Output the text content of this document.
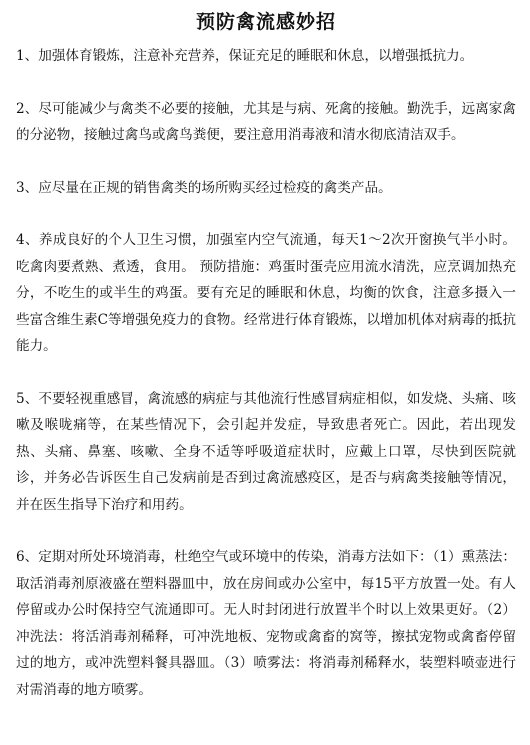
预防禽流感妙招

1、加强体育锻炼，注意补充营养，保证充足的睡眠和休息，以增强抵抗力。

2、尽可能减少与禽类不必要的接触，尤其是与病、死禽的接触。勤洗手，远离家禽的分泌物，接触过禽鸟或禽鸟粪便，要注意用消毒液和清水彻底清洁双手。

3、应尽量在正规的销售禽类的场所购买经过检疫的禽类产品。

4、养成良好的个人卫生习惯，加强室内空气流通，每天1～2次开窗换气半小时。吃禽肉要煮熟、煮透，食用。 预防措施：鸡蛋时蛋壳应用流水清洗，应烹调加热充分，不吃生的或半生的鸡蛋。要有充足的睡眠和休息，均衡的饮食，注意多摄入一些富含维生素C等增强免疫力的食物。经常进行体育锻炼，以增加机体对病毒的抵抗能力。

5、不要轻视重感冒，禽流感的病症与其他流行性感冒病症相似，如发烧、头痛、咳嗽及喉咙痛等，在某些情况下，会引起并发症，导致患者死亡。因此，若出现发热、头痛、鼻塞、咳嗽、全身不适等呼吸道症状时，应戴上口罩，尽快到医院就诊，并务必告诉医生自己发病前是否到过禽流感疫区，是否与病禽类接触等情况，并在医生指导下治疗和用药。

6、定期对所处环境消毒，杜绝空气或环境中的传染，消毒方法如下：（1）熏蒸法：取活消毒剂原液盛在塑料器皿中，放在房间或办公室中，每15平方放置一处。有人停留或办公时保持空气流通即可。无人时封闭进行放置半个时以上效果更好。（2）冲洗法：将活消毒剂稀释，可冲洗地板、宠物或禽畜的窝等，擦拭宠物或禽畜停留过的地方，或冲洗塑料餐具器皿。（3）喷雾法：将消毒剂稀释水，装塑料喷壶进行对需消毒的地方喷雾。
